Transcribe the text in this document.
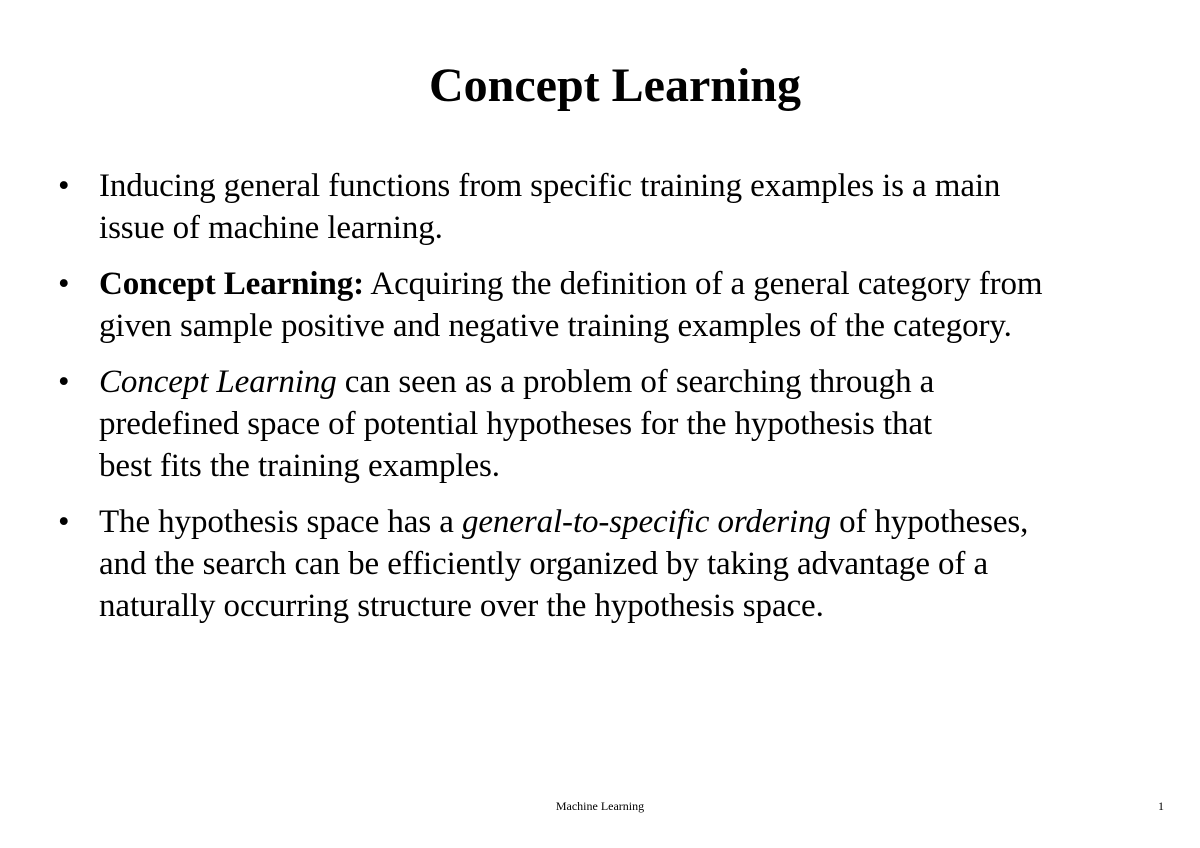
Concept Learning
• Inducing general functions from specific training examples is a main
issue of machine learning.
• Concept Learning: Acquiring the definition of a general category from
given sample positive and negative training examples of the category.
• Concept Learning can seen as a problem of searching through a
predefined space of potential hypotheses for the hypothesis that
best fits the training examples.
• The hypothesis space has a general-to-specific ordering of hypotheses,
and the search can be efficiently organized by taking advantage of a
naturally occurring structure over the hypothesis space.
Machine Learning	1
